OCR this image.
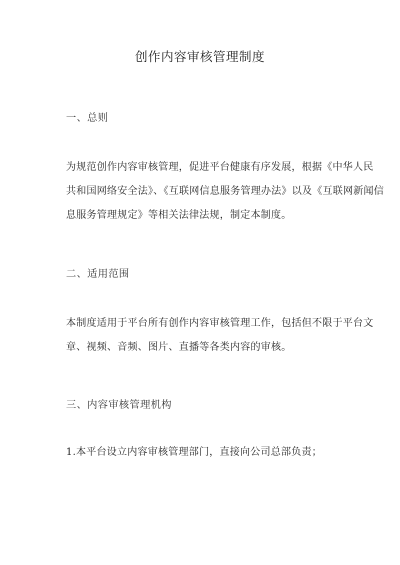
创作内容审核管理制度
一、总则
为规范创作内容审核管理，促进平台健康有序发展，根据《中华人民
共和国网络安全法》、《互联网信息服务管理办法》以及《互联网新闻信
息服务管理规定》等相关法律法规，制定本制度。
二、适用范围
本制度适用于平台所有创作内容审核管理工作，包括但不限于平台文
章、视频、音频、图片、直播等各类内容的审核。
三、内容审核管理机构
1.本平台设立内容审核管理部门，直接向公司总部负责；
